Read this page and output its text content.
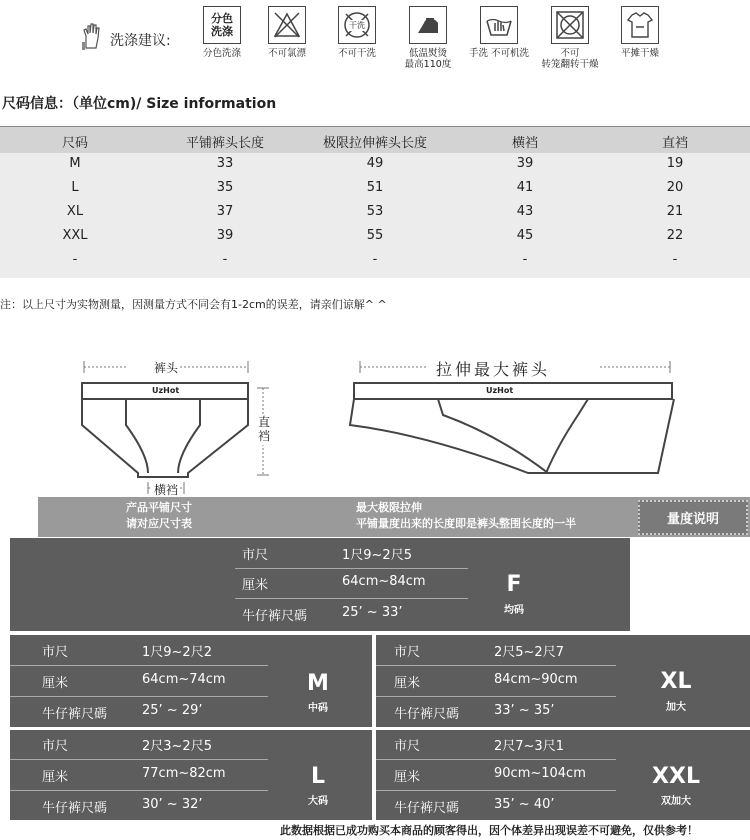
洗涤建议:
分色
洗涤
分色洗涤	不可氯漂
干洗
不可干洗	低温熨烫
最高110度
手洗 不可机洗	不可
转笼翻转干燥
平摊干燥
尺码信息：（单位cm)/ Size information
尺码	平铺裤头长度	极限拉伸裤头长度	横裆	直裆
M	33	49	39	19
L	35	51	41	20
XL	37	53	43	21
XXL	39	55	45	22
-	-	-	-	-
注：以上尺寸为实物测量，因测量方式不同会有1-2cm的误差，请亲们谅解^ ^
裤头
UzHot
直裆
横裆
拉伸最大裤头
UzHot
产品平铺尺寸
请对应尺寸表
最大极限拉伸
平铺量度出来的长度即是裤头整围长度的一半	量度说明
市尺	1尺9~2尺5
厘米	64cm~84cm
牛仔裤尺碼	25’ ~ 33’
F
均码
市尺	1尺9~2尺2
厘米	64cm~74cm
牛仔裤尺碼	25’ ~ 29’
M
中码
市尺	2尺5~2尺7
厘米	84cm~90cm
牛仔裤尺碼	33’ ~ 35’
XL
加大
市尺	2尺3~2尺5
厘米	77cm~82cm
牛仔裤尺碼	30’ ~ 32’
L
大码
市尺	2尺7~3尺1
厘米	90cm~104cm
牛仔裤尺碼	35’ ~ 40’
XXL
双加大
此数据根据已成功购买本商品的顾客得出，因个体差异出现误差不可避免，仅供参考！
